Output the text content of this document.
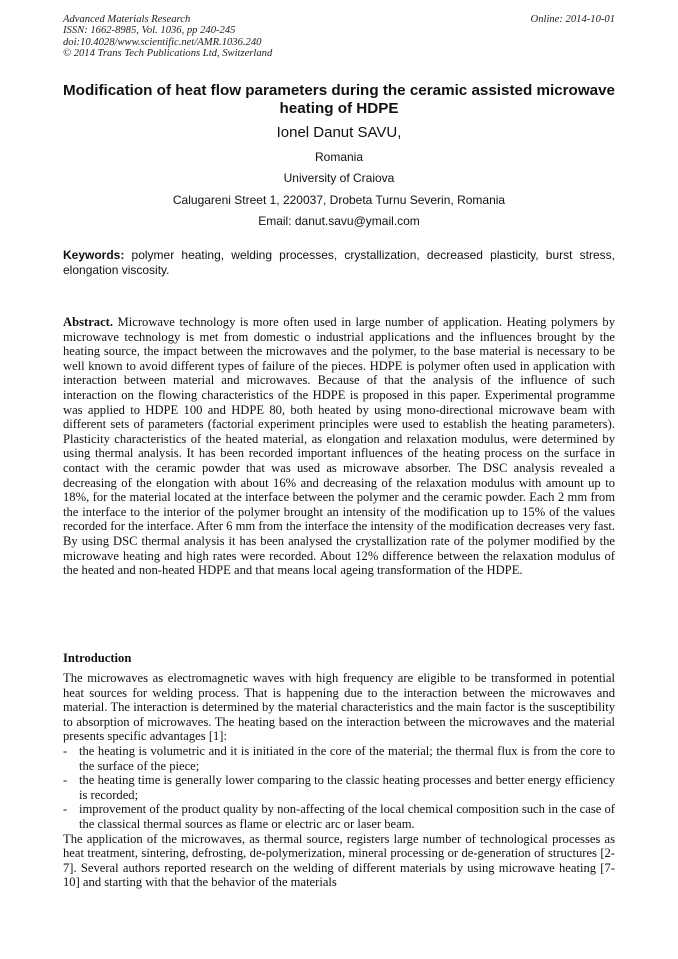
Advanced Materials Research
ISSN: 1662-8985, Vol. 1036, pp 240-245
doi:10.4028/www.scientific.net/AMR.1036.240
© 2014 Trans Tech Publications Ltd, Switzerland
Online: 2014-10-01
Modification of heat flow parameters during the ceramic assisted microwave heating of HDPE
Ionel Danut SAVU,
Romania
University of Craiova
Calugareni Street 1, 220037, Drobeta Turnu Severin, Romania
Email: danut.savu@ymail.com
Keywords: polymer heating, welding processes, crystallization, decreased plasticity, burst stress, elongation viscosity.
Abstract. Microwave technology is more often used in large number of application. Heating polymers by microwave technology is met from domestic o industrial applications and the influences brought by the heating source, the impact between the microwaves and the polymer, to the base material is necessary to be well known to avoid different types of failure of the pieces. HDPE is polymer often used in application with interaction between material and microwaves. Because of that the analysis of the influence of such interaction on the flowing characteristics of the HDPE is proposed in this paper. Experimental programme was applied to HDPE 100 and HDPE 80, both heated by using mono-directional microwave beam with different sets of parameters (factorial experiment principles were used to establish the heating parameters). Plasticity characteristics of the heated material, as elongation and relaxation modulus, were determined by using thermal analysis. It has been recorded important influences of the heating process on the surface in contact with the ceramic powder that was used as microwave absorber. The DSC analysis revealed a decreasing of the elongation with about 16% and decreasing of the relaxation modulus with amount up to 18%, for the material located at the interface between the polymer and the ceramic powder. Each 2 mm from the interface to the interior of the polymer brought an intensity of the modification up to 15% of the values recorded for the interface. After 6 mm from the interface the intensity of the modification decreases very fast. By using DSC thermal analysis it has been analysed the crystallization rate of the polymer modified by the microwave heating and high rates were recorded. About 12% difference between the relaxation modulus of the heated and non-heated HDPE and that means local ageing transformation of the HDPE.
Introduction
The microwaves as electromagnetic waves with high frequency are eligible to be transformed in potential heat sources for welding process. That is happening due to the interaction between the microwaves and material. The interaction is determined by the material characteristics and the main factor is the susceptibility to absorption of microwaves. The heating based on the interaction between the microwaves and the material presents specific advantages [1]:
- the heating is volumetric and it is initiated in the core of the material; the thermal flux is from the core to the surface of the piece;
- the heating time is generally lower comparing to the classic heating processes and better energy efficiency is recorded;
- improvement of the product quality by non-affecting of the local chemical composition such in the case of the classical thermal sources as flame or electric arc or laser beam.
The application of the microwaves, as thermal source, registers large number of technological processes as heat treatment, sintering, defrosting, de-polymerization, mineral processing or de-generation of structures [2-7]. Several authors reported research on the welding of different materials by using microwave heating [7-10] and starting with that the behavior of the materials
